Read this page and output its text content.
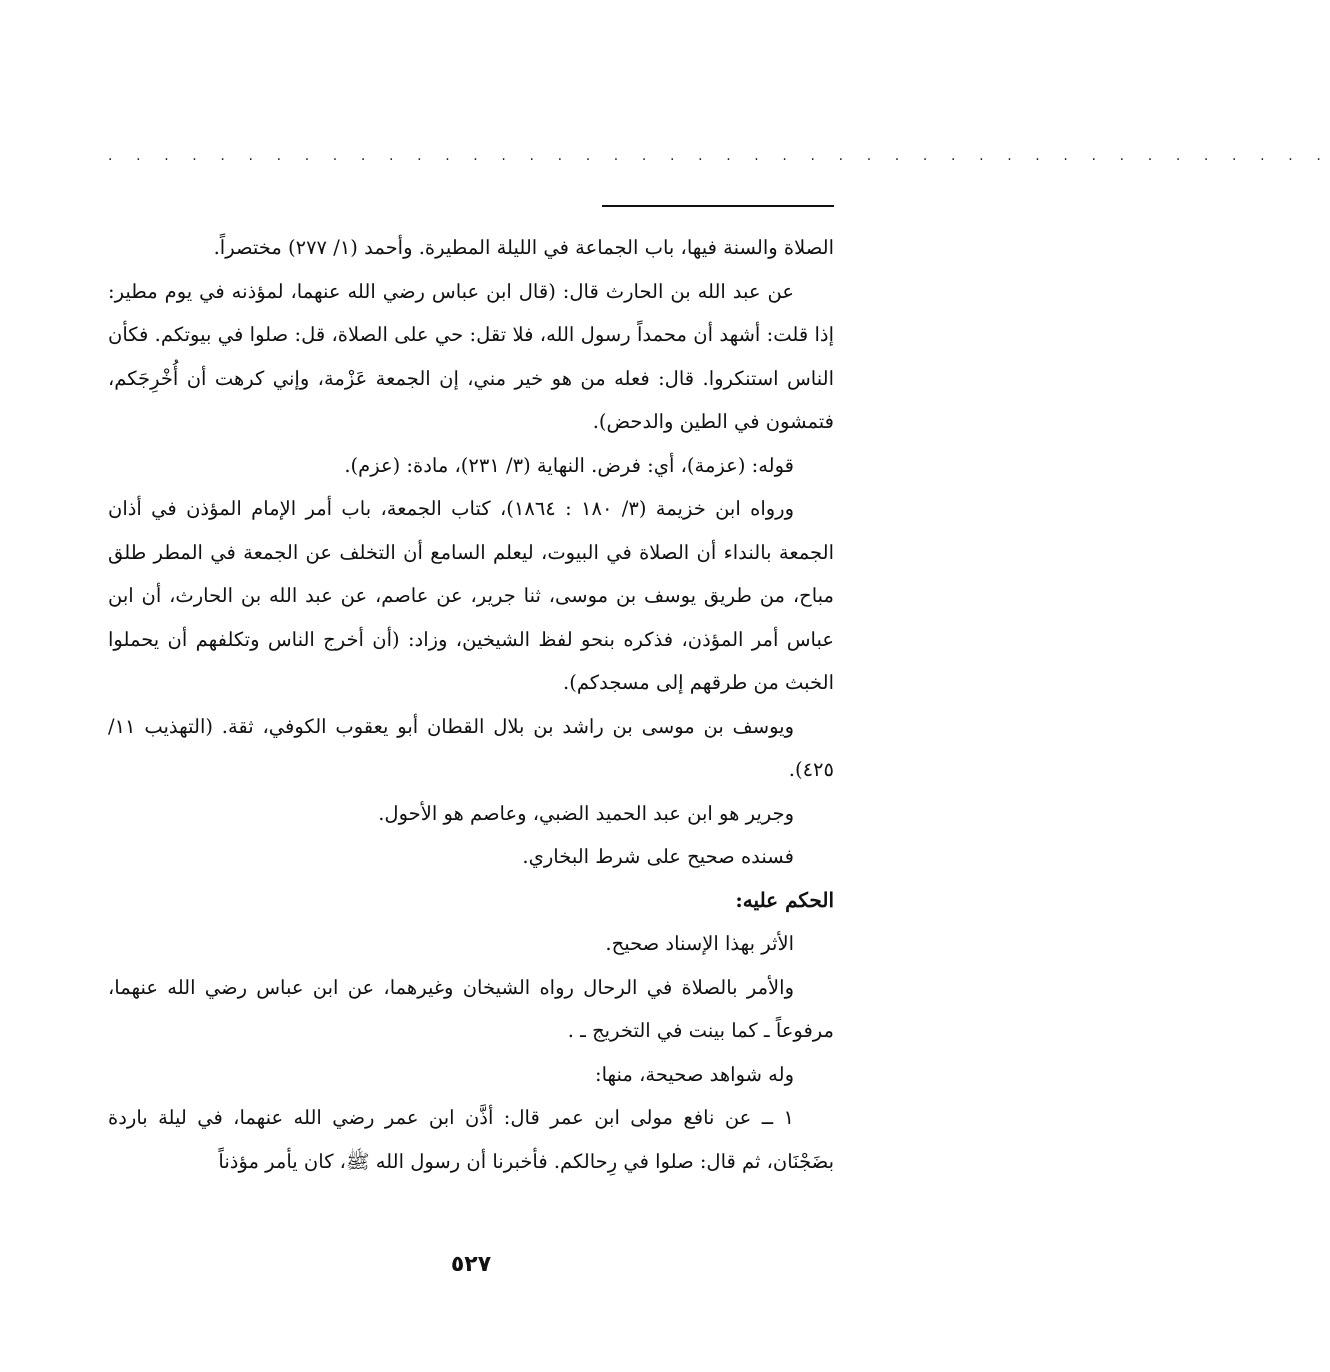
. . . . . . . . . . . . . . . . . . . . . . . . . . . . . . . . . . . . . . . . . . . .

الصلاة والسنة فيها، باب الجماعة في الليلة المطيرة. وأحمد (١/ ٢٧٧) مختصراً.

عن عبد الله بن الحارث قال: (قال ابن عباس رضي الله عنهما، لمؤذنه في يوم مطير: إذا قلت: أشهد أن محمداً رسول الله، فلا تقل: حي على الصلاة، قل: صلوا في بيوتكم. فكأن الناس استنكروا. قال: فعله من هو خير مني، إن الجمعة عَزْمة، وإني كرهت أن أُخْرِجَكم، فتمشون في الطين والدحض).

قوله: (عزمة)، أي: فرض. النهاية (٣/ ٢٣١)، مادة: (عزم).

ورواه ابن خزيمة (٣/ ١٨٠ : ١٨٦٤)، كتاب الجمعة، باب أمر الإمام المؤذن في أذان الجمعة بالنداء أن الصلاة في البيوت، ليعلم السامع أن التخلف عن الجمعة في المطر طلق مباح، من طريق يوسف بن موسى، ثنا جرير، عن عاصم، عن عبد الله بن الحارث، أن ابن عباس أمر المؤذن، فذكره بنحو لفظ الشيخين، وزاد: (أن أخرج الناس وتكلفهم أن يحملوا الخبث من طرقهم إلى مسجدكم).

ويوسف بن موسى بن راشد بن بلال القطان أبو يعقوب الكوفي، ثقة. (التهذيب ١١/ ٤٢٥).

وجرير هو ابن عبد الحميد الضبي، وعاصم هو الأحول.

فسنده صحيح على شرط البخاري.

الحكم عليه:

الأثر بهذا الإسناد صحيح.

والأمر بالصلاة في الرحال رواه الشيخان وغيرهما، عن ابن عباس رضي الله عنهما، مرفوعاً ـ كما بينت في التخريج ـ .

وله شواهد صحيحة، منها:

١ ــ عن نافع مولى ابن عمر قال: أذَّن ابن عمر رضي الله عنهما، في ليلة باردة بضَجْنَان، ثم قال: صلوا في رِحالكم. فأخبرنا أن رسول الله ﷺ، كان يأمر مؤذناً

٥٢٧
